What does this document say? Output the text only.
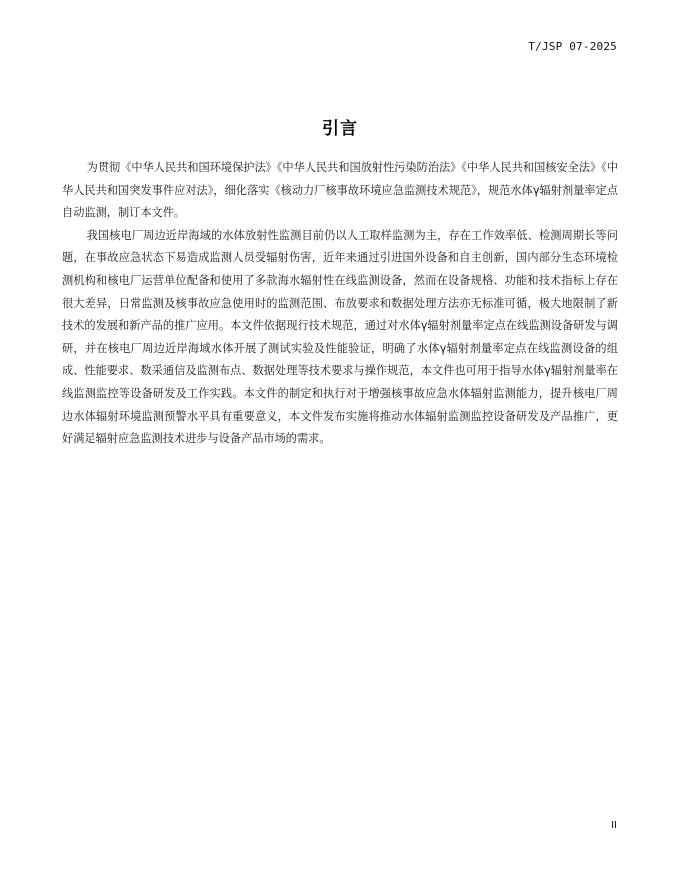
T/JSP 07-2025
引言

为贯彻《中华人民共和国环境保护法》《中华人民共和国放射性污染防治法》《中华人民共和国核安全法》《中华人民共和国突发事件应对法》，细化落实《核动力厂核事故环境应急监测技术规范》，规范水体γ辐射剂量率定点自动监测，制订本文件。

我国核电厂周边近岸海域的水体放射性监测目前仍以人工取样监测为主，存在工作效率低、检测周期长等问题，在事故应急状态下易造成监测人员受辐射伤害，近年来通过引进国外设备和自主创新，国内部分生态环境检测机构和核电厂运营单位配备和使用了多款海水辐射性在线监测设备，然而在设备规格、功能和技术指标上存在很大差异，日常监测及核事故应急使用时的监测范围、布放要求和数据处理方法亦无标准可循，极大地限制了新技术的发展和新产品的推广应用。本文件依据现行技术规范，通过对水体γ辐射剂量率定点在线监测设备研发与调研，并在核电厂周边近岸海域水体开展了测试实验及性能验证，明确了水体γ辐射剂量率定点在线监测设备的组成、性能要求、数采通信及监测布点、数据处理等技术要求与操作规范，本文件也可用于指导水体γ辐射剂量率在线监测监控等设备研发及工作实践。本文件的制定和执行对于增强核事故应急水体辐射监测能力，提升核电厂周边水体辐射环境监测预警水平具有重要意义，本文件发布实施将推动水体辐射监测监控设备研发及产品推广，更好满足辐射应急监测技术进步与设备产品市场的需求。

II
